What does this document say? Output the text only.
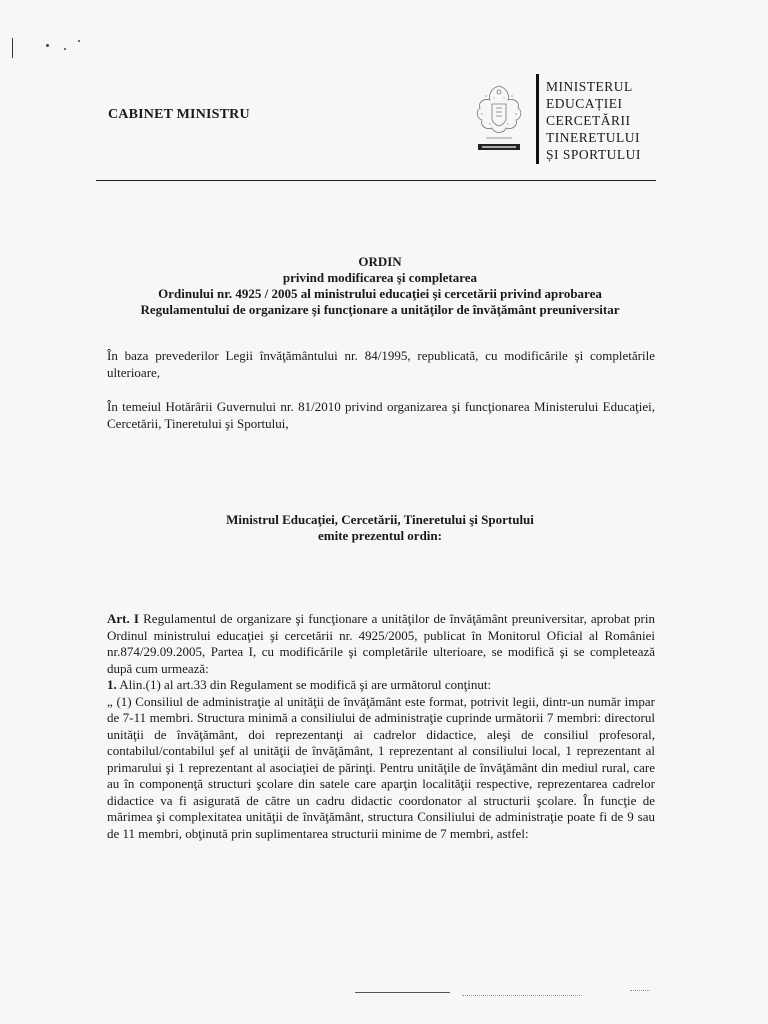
CABINET MINISTRU
MINISTERUL
EDUCAȚIEI
CERCETĂRII
TINERETULUI
ȘI SPORTULUI
ORDIN
privind modificarea şi completarea
Ordinului nr. 4925 / 2005 al ministrului educaţiei şi cercetării privind aprobarea
Regulamentului de organizare şi funcţionare a unităţilor de învăţământ preuniversitar
În baza prevederilor Legii învăţământului nr. 84/1995, republicată, cu modificările şi completările ulterioare,
În temeiul Hotărârii Guvernului nr. 81/2010 privind organizarea şi funcţionarea Ministerului Educaţiei, Cercetării, Tineretului şi Sportului,
Ministrul Educaţiei, Cercetării, Tineretului şi Sportului
emite prezentul ordin:

Art. I Regulamentul de organizare şi funcţionare a unităţilor de învăţământ preuniversitar, aprobat prin Ordinul ministrului educaţiei şi cercetării nr. 4925/2005, publicat în Monitorul Oficial al României nr.874/29.09.2005, Partea I, cu modificările şi completările ulterioare, se modifică şi se completează după cum urmează:

1. Alin.(1) al art.33 din Regulament se modifică şi are următorul conţinut:

„ (1) Consiliul de administraţie al unităţii de învăţământ este format, potrivit legii, dintr-un număr impar de 7-11 membri. Structura minimă a consiliului de administraţie cuprinde următorii 7 membri: directorul unităţii de învăţământ, doi reprezentanţi ai cadrelor didactice, aleşi de consiliul profesoral, contabilul/contabilul şef al unităţii de învăţământ, 1 reprezentant al consiliului local, 1 reprezentant al primarului şi 1 reprezentant al asociaţiei de părinţi. Pentru unităţile de învăţământ din mediul rural, care au în componenţă structuri şcolare din satele care aparţin localităţii respective, reprezentarea cadrelor didactice va fi asigurată de către un cadru didactic coordonator al structurii şcolare. În funcţie de mărimea şi complexitatea unităţii de învăţământ, structura Consiliului de administraţie poate fi de 9 sau de 11 membri, obţinută prin suplimentarea structurii minime de 7 membri, astfel:
